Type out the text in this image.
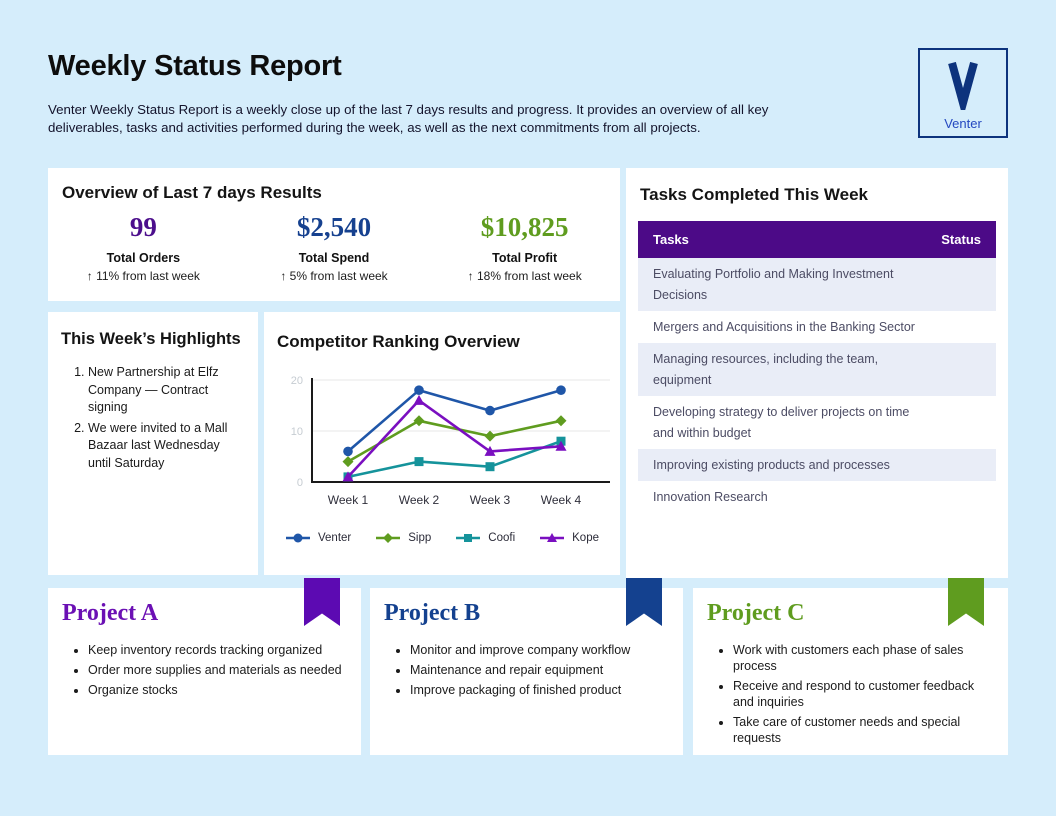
Weekly Status Report

Venter Weekly Status Report is a weekly close up of the last 7 days results and progress. It provides an overview of all key deliverables, tasks and activities performed during the week, as well as the next commitments from all projects.	Venter
Overview of Last 7 days Results
99
Total Orders
↑ 11% from last week
$2,540
Total Spend
↑ 5% from last week
$10,825
Total Profit
↑ 18% from last week
Tasks Completed This Week
Tasks	Status
Evaluating Portfolio and Making Investment Decisions
Mergers and Acquisitions in the Banking Sector
Managing resources, including the team, equipment
Developing strategy to deliver projects on time and within budget
Improving existing products and processes
Innovation Research
This Week’s Highlights
1. New Partnership at Elfz Company — Contract signing
2. We were invited to a Mall Bazaar last Wednesday until Saturday
Competitor Ranking Overview
0
10
20
Week 1	Week 2	Week 3	Week 4
Venter	Sipp	Coofi	Kope
Project A
• Keep inventory records tracking organized
• Order more supplies and materials as needed
• Organize stocks
Project B
• Monitor and improve company workflow
• Maintenance and repair equipment
• Improve packaging of finished product
Project C
• Work with customers each phase of sales process
• Receive and respond to customer feedback and inquiries
• Take care of customer needs and special requests
